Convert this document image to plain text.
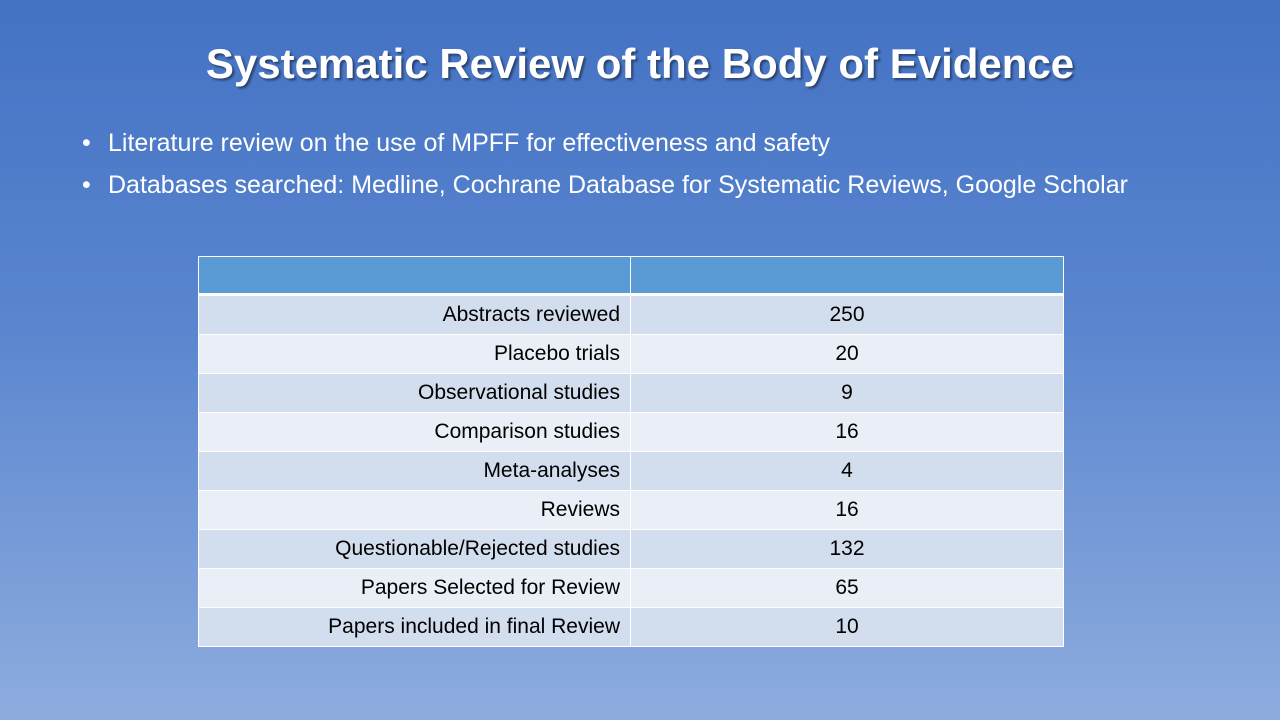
Systematic Review of the Body of Evidence
• Literature review on the use of MPFF for effectiveness and safety
• Databases searched: Medline, Cochrane Database for Systematic Reviews, Google Scholar

Abstracts reviewed	250
Placebo trials	20
Observational studies	9
Comparison studies	16
Meta-analyses	4
Reviews	16
Questionable/Rejected studies	132
Papers Selected for Review	65
Papers included in final Review	10
